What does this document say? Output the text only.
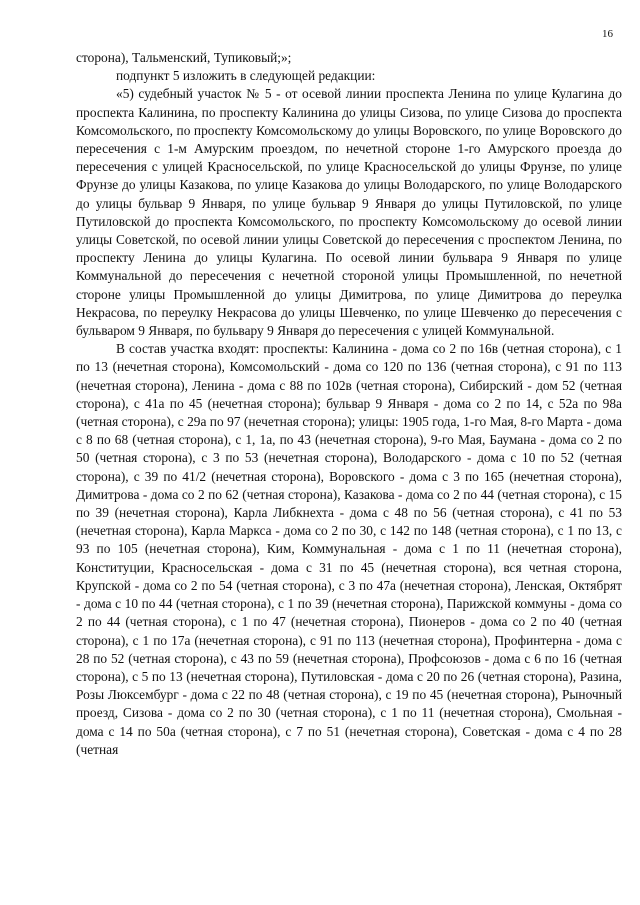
16

сторона), Тальменский, Тупиковый;»;

подпункт 5 изложить в следующей редакции:

«5) судебный участок № 5 - от осевой линии проспекта Ленина по улице Кулагина до проспекта Калинина, по проспекту Калинина до улицы Сизова, по улице Сизова до проспекта Комсомольского, по проспекту Комсомольскому до улицы Воровского, по улице Воровского до пересечения с 1-м Амурским проездом, по нечетной стороне 1-го Амурского проезда до пересечения с улицей Красносельской, по улице Красносельской до улицы Фрунзе, по улице Фрунзе до улицы Казакова, по улице Казакова до улицы Володарского, по улице Володарского до улицы бульвар 9 Января, по улице бульвар 9 Января до улицы Путиловской, по улице Путиловской до проспекта Комсомольского, по проспекту Комсомольскому до осевой линии улицы Советской, по осевой линии улицы Советской до пересечения с проспектом Ленина, по проспекту Ленина до улицы Кулагина. По осевой линии бульвара 9 Января по улице Коммунальной до пересечения с нечетной стороной улицы Промышленной, по нечетной стороне улицы Промышленной до улицы Димитрова, по улице Димитрова до переулка Некрасова, по переулку Некрасова до улицы Шевченко, по улице Шевченко до пересечения с бульваром 9 Января, по бульвару 9 Января до пересечения с улицей Коммунальной.

В состав участка входят: проспекты: Калинина - дома со 2 по 16в (четная сторона), с 1 по 13 (нечетная сторона), Комсомольский - дома со 120 по 136 (четная сторона), с 91 по 113 (нечетная сторона), Ленина - дома с 88 по 102в (четная сторона), Сибирский - дом 52 (четная сторона), с 41а по 45 (нечетная сторона); бульвар 9 Января - дома со 2 по 14, с 52а по 98а (четная сторона), с 29а по 97 (нечетная сторона); улицы: 1905 года, 1-го Мая, 8-го Марта - дома с 8 по 68 (четная сторона), с 1, 1а, по 43 (нечетная сторона), 9-го Мая, Баумана - дома со 2 по 50 (четная сторона), с 3 по 53 (нечетная сторона), Володарского - дома с 10 по 52 (четная сторона), с 39 по 41/2 (нечетная сторона), Воровского - дома с 3 по 165 (нечетная сторона), Димитрова - дома со 2 по 62 (четная сторона), Казакова - дома со 2 по 44 (четная сторона), с 15 по 39 (нечетная сторона), Карла Либкнехта - дома с 48 по 56 (четная сторона), с 41 по 53 (нечетная сторона), Карла Маркса - дома со 2 по 30, с 142 по 148 (четная сторона), с 1 по 13, с 93 по 105 (нечетная сторона), Ким, Коммунальная - дома с 1 по 11 (нечетная сторона), Конституции, Красносельская - дома с 31 по 45 (нечетная сторона), вся четная сторона, Крупской - дома со 2 по 54 (четная сторона), с 3 по 47а (нечетная сторона), Ленская, Октябрят - дома с 10 по 44 (четная сторона), с 1 по 39 (нечетная сторона), Парижской коммуны - дома со 2 по 44 (четная сторона), с 1 по 47 (нечетная сторона), Пионеров - дома со 2 по 40 (четная сторона), с 1 по 17а (нечетная сторона), с 91 по 113 (нечетная сторона), Профинтерна - дома с 28 по 52 (четная сторона), с 43 по 59 (нечетная сторона), Профсоюзов - дома с 6 по 16 (четная сторона), с 5 по 13 (нечетная сторона), Путиловская - дома с 20 по 26 (четная сторона), Разина, Розы Люксембург - дома с 22 по 48 (четная сторона), с 19 по 45 (нечетная сторона), Рыночный проезд, Сизова - дома со 2 по 30 (четная сторона), с 1 по 11 (нечетная сторона), Смольная - дома с 14 по 50а (четная сторона), с 7 по 51 (нечетная сторона), Советская - дома с 4 по 28 (четная
